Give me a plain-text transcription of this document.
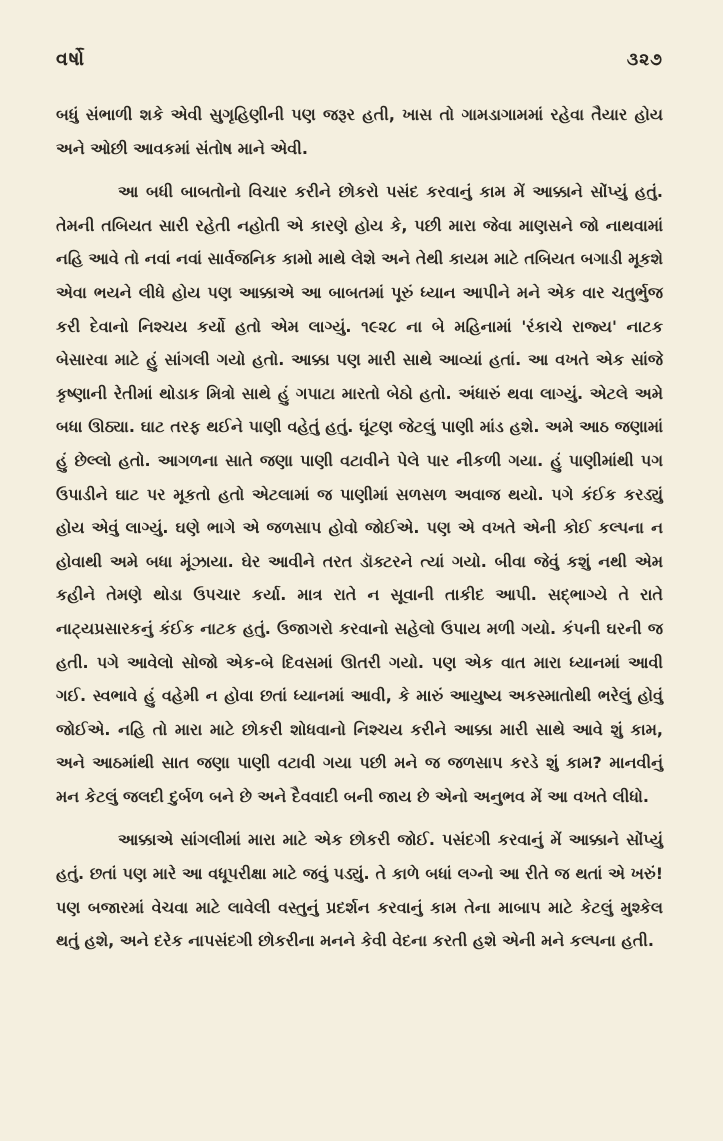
વર્ષો	૩૨૭

બધું સંભાળી શકે એવી સુગૃહિણીની પણ જરૂર હતી, ખાસ તો ગામડાગામમાં રહેવા તૈયાર હોય અને ઓછી આવકમાં સંતોષ માને એવી.

આ બધી બાબતોનો વિચાર કરીને છોકરો પસંદ કરવાનું કામ મેં આક્કાને સોંપ્યું હતું. તેમની તબિયત સારી રહેતી નહોતી એ કારણે હોય કે, પછી મારા જેવા માણસને જો નાથવામાં નહિ આવે તો નવાં નવાં સાર્વજનિક કામો માથે લેશે અને તેથી કાયમ માટે તબિયત બગાડી મૂકશે એવા ભયને લીધે હોય પણ આક્કાએ આ બાબતમાં પૂરું ધ્યાન આપીને મને એક વાર ચતુર્ભુજ કરી દેવાનો નિશ્ચય કર્યો હતો એમ લાગ્યું. ૧૯૨૮ ના બે મહિનામાં 'રંકાચે રાજ્ય' નાટક બેસારવા માટે હું સાંગલી ગયો હતો. આક્કા પણ મારી સાથે આવ્યાં હતાં. આ વખતે એક સાંજે કૃષ્ણાની રેતીમાં થોડાક મિત્રો સાથે હું ગપાટા મારતો બેઠો હતો. અંધારું થવા લાગ્યું. એટલે અમે બધા ઊઠ્યા. ઘાટ તરફ થઈને પાણી વહેતું હતું. ઘૂંટણ જેટલું પાણી માંડ હશે. અમે આઠ જણામાં હું છેલ્લો હતો. આગળના સાતે જણા પાણી વટાવીને પેલે પાર નીકળી ગયા. હું પાણીમાંથી પગ ઉપાડીને ઘાટ પર મૂકતો હતો એટલામાં જ પાણીમાં સળસળ અવાજ થયો. પગે કંઈક કરડ્યું હોય એવું લાગ્યું. ઘણે ભાગે એ જળસાપ હોવો જોઈએ. પણ એ વખતે એની કોઈ કલ્પના ન હોવાથી અમે બધા મૂંઝાયા. ઘેર આવીને તરત ડૉક્ટરને ત્યાં ગયો. બીવા જેવું કશું નથી એમ કહીને તેમણે થોડા ઉપચાર કર્યા. માત્ર રાતે ન સૂવાની તાકીદ આપી. સદ્ભાગ્યે તે રાતે નાટ્યપ્રસારકનું કંઈક નાટક હતું. ઉજાગરો કરવાનો સહેલો ઉપાય મળી ગયો. કંપની ઘરની જ હતી. પગે આવેલો સોજો એક-બે દિવસમાં ઊતરી ગયો. પણ એક વાત મારા ધ્યાનમાં આવી ગઈ. સ્વભાવે હું વહેમી ન હોવા છતાં ધ્યાનમાં આવી, કે મારું આયુષ્ય અકસ્માતોથી ભરેલું હોવું જોઈએ. નહિ તો મારા માટે છોકરી શોધવાનો નિશ્ચય કરીને આક્કા મારી સાથે આવે શું કામ, અને આઠમાંથી સાત જણા પાણી વટાવી ગયા પછી મને જ જળસાપ કરડે શું કામ? માનવીનું મન કેટલું જલદી દુર્બળ બને છે અને દૈવવાદી બની જાય છે એનો અનુભવ મેં આ વખતે લીધો.

આક્કાએ સાંગલીમાં મારા માટે એક છોકરી જોઈ. પસંદગી કરવાનું મેં આક્કાને સોંપ્યું હતું. છતાં પણ મારે આ વધૂપરીક્ષા માટે જવું પડ્યું. તે કાળે બધાં લગ્નો આ રીતે જ થતાં એ ખરું! પણ બજારમાં વેચવા માટે લાવેલી વસ્તુનું પ્રદર્શન કરવાનું કામ તેના માબાપ માટે કેટલું મુશ્કેલ થતું હશે, અને દરેક નાપસંદગી છોકરીના મનને કેવી વેદના કરતી હશે એની મને કલ્પના હતી.
